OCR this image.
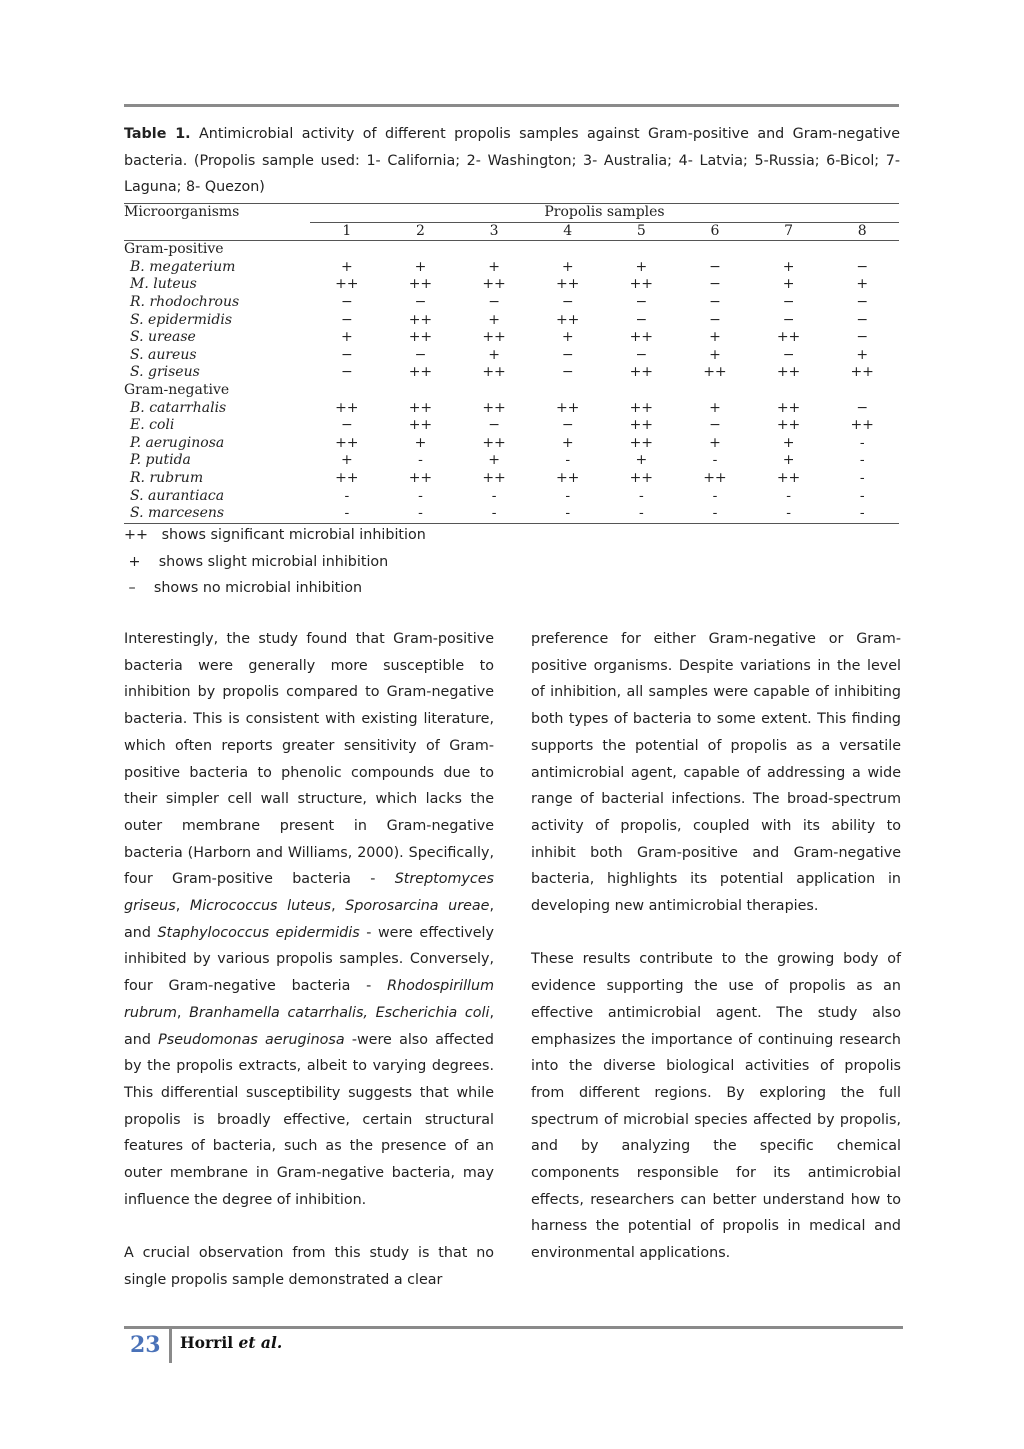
Table 1. Antimicrobial activity of different propolis samples against Gram-positive and Gram-negative bacteria. (Propolis sample used: 1- California; 2- Washington; 3- Australia; 4- Latvia; 5-Russia; 6-Bicol; 7-Laguna; 8- Quezon)
Microorganisms	Propolis samples							
	1	2	3	4	5	6	7	8
Gram-positive								
B. megaterium	+	+	+	+	+	−	+	−
M. luteus	++	++	++	++	++	−	+	+
R. rhodochrous	−	−	−	−	−	−	−	−
S. epidermidis	−	++	+	++	−	−	−	−
S. urease	+	++	++	+	++	+	++	−
S. aureus	−	−	+	−	−	+	−	+
S. griseus	−	++	++	−	++	++	++	++
Gram-negative								
B. catarrhalis	++	++	++	++	++	+	++	−
E. coli	−	++	−	−	++	−	++	++
P. aeruginosa	++	+	++	+	++	+	+	-
P. putida	+	-	+	-	+	-	+	-
R. rubrum	++	++	++	++	++	++	++	-
S. aurantiaca	-	-	-	-	-	-	-	-
S. marcesens	-	-	-	-	-	-	-	-
++   shows significant microbial inhibition
+    shows slight microbial inhibition
–    shows no microbial inhibition

Interestingly, the study found that Gram-positive bacteria were generally more susceptible to inhibition by propolis compared to Gram-negative bacteria. This is consistent with existing literature, which often reports greater sensitivity of Gram-positive bacteria to phenolic compounds due to their simpler cell wall structure, which lacks the outer membrane present in Gram-negative bacteria (Harborn and Williams, 2000). Specifically, four Gram-positive bacteria - Streptomyces griseus, Micrococcus luteus, Sporosarcina ureae, and Staphylococcus epidermidis - were effectively inhibited by various propolis samples. Conversely, four Gram-negative bacteria - Rhodospirillum rubrum, Branhamella catarrhalis, Escherichia coli, and Pseudomonas aeruginosa -were also affected by the propolis extracts, albeit to varying degrees. This differential susceptibility suggests that while propolis is broadly effective, certain structural features of bacteria, such as the presence of an outer membrane in Gram-negative bacteria, may influence the degree of inhibition.

A crucial observation from this study is that no single propolis sample demonstrated a clear

preference for either Gram-negative or Gram-positive organisms. Despite variations in the level of inhibition, all samples were capable of inhibiting both types of bacteria to some extent. This finding supports the potential of propolis as a versatile antimicrobial agent, capable of addressing a wide range of bacterial infections. The broad-spectrum activity of propolis, coupled with its ability to inhibit both Gram-positive and Gram-negative bacteria, highlights its potential application in developing new antimicrobial therapies.

These results contribute to the growing body of evidence supporting the use of propolis as an effective antimicrobial agent. The study also emphasizes the importance of continuing research into the diverse biological activities of propolis from different regions. By exploring the full spectrum of microbial species affected by propolis, and by analyzing the specific chemical components responsible for its antimicrobial effects, researchers can better understand how to harness the potential of propolis in medical and environmental applications.

23 Horril et al.
